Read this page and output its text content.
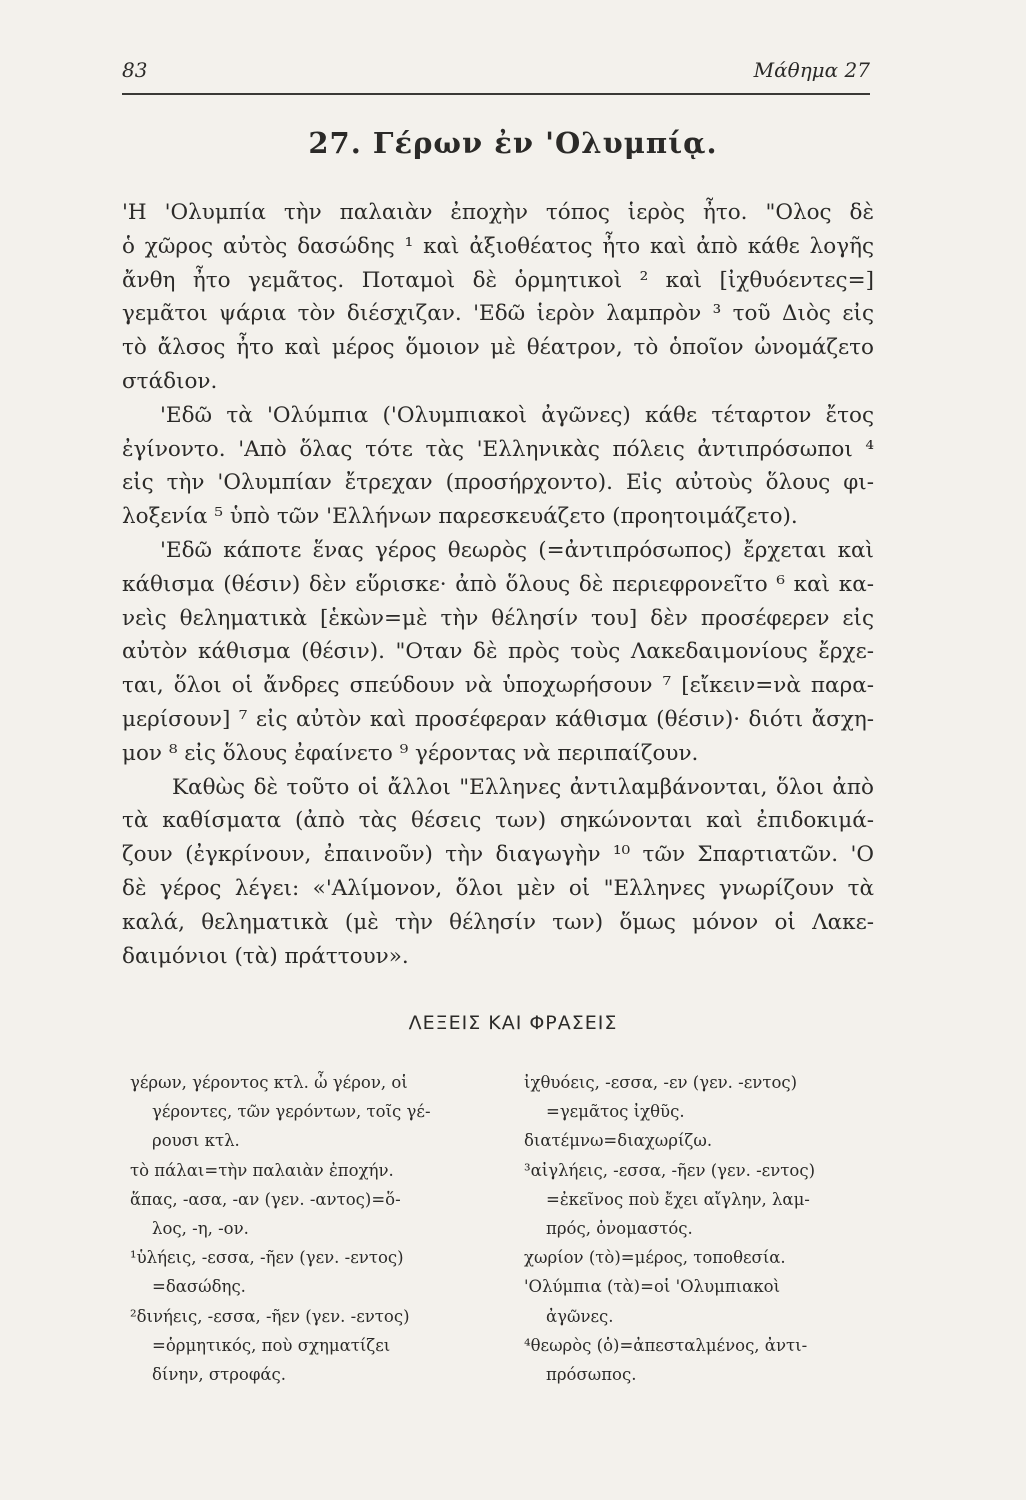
83	Μάθημα 27
27. Γέρων ἐν 'Ολυμπίᾳ.
'Η 'Ολυμπία τὴν παλαιὰν ἐποχὴν τόπος ἱερὸς ἦτο. "Ολος δὲ
ὁ χῶρος αὐτὸς δασώδης ¹ καὶ ἀξιοθέατος ἦτο καὶ ἀπὸ κάθε λογῆς
ἄνθη ἦτο γεμᾶτος. Ποταμοὶ δὲ ὁρμητικοὶ ² καὶ [ἰχθυόεντες=]
γεμᾶτοι ψάρια τὸν διέσχιζαν. 'Εδῶ ἱερὸν λαμπρὸν ³ τοῦ Διὸς εἰς
τὸ ἄλσος ἦτο καὶ μέρος ὅμοιον μὲ θέατρον, τὸ ὁποῖον ὠνομάζετο
στάδιον.
'Εδῶ τὰ 'Ολύμπια ('Ολυμπιακοὶ ἀγῶνες) κάθε τέταρτον ἔτος
ἐγίνοντο. 'Απὸ ὅλας τότε τὰς 'Ελληνικὰς πόλεις ἀντιπρόσωποι ⁴
εἰς τὴν 'Ολυμπίαν ἔτρεχαν (προσήρχοντο). Εἰς αὐτοὺς ὅλους φι-
λοξενία ⁵ ὑπὸ τῶν 'Ελλήνων παρεσκευάζετο (προητοιμάζετο).
'Εδῶ κάποτε ἕνας γέρος θεωρὸς (=ἀντιπρόσωπος) ἔρχεται καὶ
κάθισμα (θέσιν) δὲν εὕρισκε· ἀπὸ ὅλους δὲ περιεφρονεῖτο ⁶ καὶ κα-
νεὶς θεληματικὰ [ἑκὼν=μὲ τὴν θέλησίν του] δὲν προσέφερεν εἰς
αὐτὸν κάθισμα (θέσιν). "Οταν δὲ πρὸς τοὺς Λακεδαιμονίους ἔρχε-
ται, ὅλοι οἱ ἄνδρες σπεύδουν νὰ ὑποχωρήσουν ⁷ [εἴκειν=νὰ παρα-
μερίσουν] ⁷ εἰς αὐτὸν καὶ προσέφεραν κάθισμα (θέσιν)· διότι ἄσχη-
μον ⁸ εἰς ὅλους ἐφαίνετο ⁹ γέροντας νὰ περιπαίζουν.
Καθὼς δὲ τοῦτο οἱ ἄλλοι "Ελληνες ἀντιλαμβάνονται, ὅλοι ἀπὸ
τὰ καθίσματα (ἀπὸ τὰς θέσεις των) σηκώνονται καὶ ἐπιδοκιμά-
ζουν (ἐγκρίνουν, ἐπαινοῦν) τὴν διαγωγὴν ¹⁰ τῶν Σπαρτιατῶν. 'Ο
δὲ γέρος λέγει: «'Αλίμονον, ὅλοι μὲν οἱ "Ελληνες γνωρίζουν τὰ
καλά, θεληματικὰ (μὲ τὴν θέλησίν των) ὅμως μόνον οἱ Λακε-
δαιμόνιοι (τὰ) πράττουν».
ΛΕΞΕΙΣ ΚΑΙ ΦΡΑΣΕΙΣ
γέρων, γέροντος κτλ. ὦ γέρον, οἱ
γέροντες, τῶν γερόντων, τοῖς γέ-
ρουσι κτλ.
τὸ πάλαι=τὴν παλαιὰν ἐποχήν.
ἅπας, -ασα, -αν (γεν. -αντος)=ὅ-
λος, -η, -ον.
¹ὑλήεις, -εσσα, -ῆεν (γεν. -εντος)
=δασώδης.
²δινήεις, -εσσα, -ῆεν (γεν. -εντος)
=ὁρμητικός, ποὺ σχηματίζει
δίνην, στροφάς.
ἰχθυόεις, -εσσα, -εν (γεν. -εντος)
=γεμᾶτος ἰχθῦς.
διατέμνω=διαχωρίζω.
³αἰγλήεις, -εσσα, -ῆεν (γεν. -εντος)
=ἐκεῖνος ποὺ ἔχει αἴγλην, λαμ-
πρός, ὀνομαστός.
χωρίον (τὸ)=μέρος, τοποθεσία.
'Ολύμπια (τὰ)=οἱ 'Ολυμπιακοὶ
ἀγῶνες.
⁴θεωρὸς (ὁ)=ἀπεσταλμένος, ἀντι-
πρόσωπος.
